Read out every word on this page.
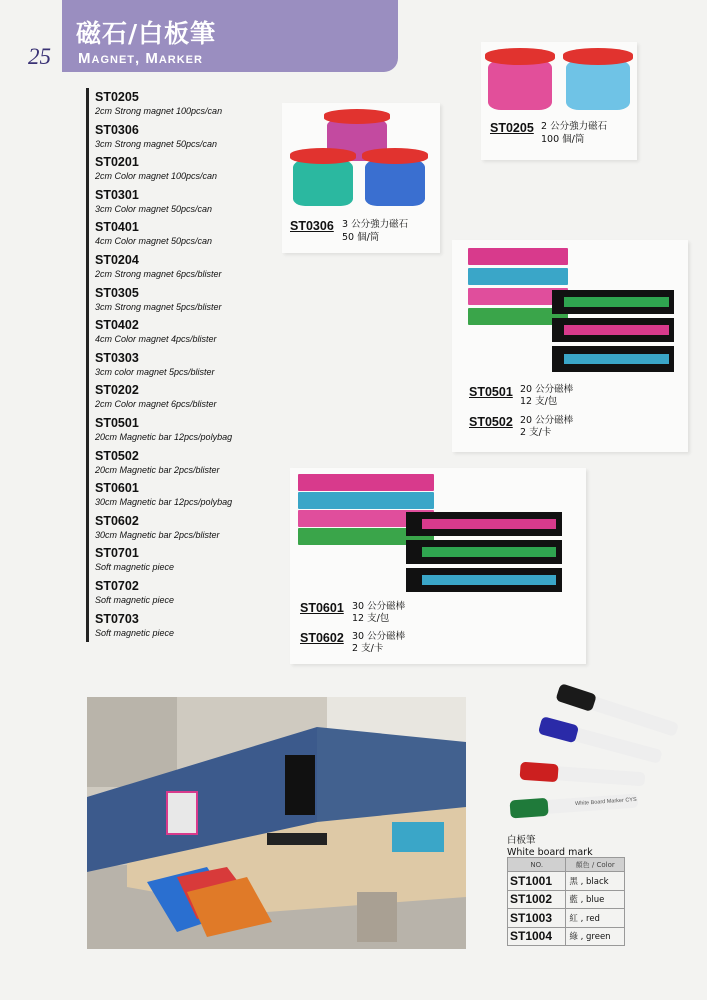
磁石/白板筆
Magnet, Marker
25
ST0205
2cm Strong magnet 100pcs/can
ST0306
3cm Strong magnet 50pcs/can
ST0201
2cm Color magnet 100pcs/can
ST0301
3cm Color magnet 50pcs/can
ST0401
4cm Color magnet 50pcs/can
ST0204
2cm Strong magnet 6pcs/blister
ST0305
3cm Strong magnet 5pcs/blister
ST0402
4cm Color magnet 4pcs/blister
ST0303
3cm color magnet 5pcs/blister
ST0202
2cm Color magnet 6pcs/blister
ST0501
20cm Magnetic bar 12pcs/polybag
ST0502
20cm Magnetic bar 2pcs/blister
ST0601
30cm Magnetic bar 12pcs/polybag
ST0602
30cm Magnetic bar 2pcs/blister
ST0701
Soft magnetic piece
ST0702
Soft magnetic piece
ST0703
Soft magnetic piece
ST0306 3 公分強力磁石
50 個/筒
ST0205 2 公分強力磁石
100 個/筒
ST0501 20 公分磁棒
12 支/包
ST0502 20 公分磁棒
2 支/卡
ST0601 30 公分磁棒
12 支/包
ST0602 30 公分磁棒
2 支/卡
White Board Marker CYS
白板筆
White board mark
NO.	顏色 / Color
ST1001	黑 , black
ST1002	藍 , blue
ST1003	紅 , red
ST1004	綠 , green
